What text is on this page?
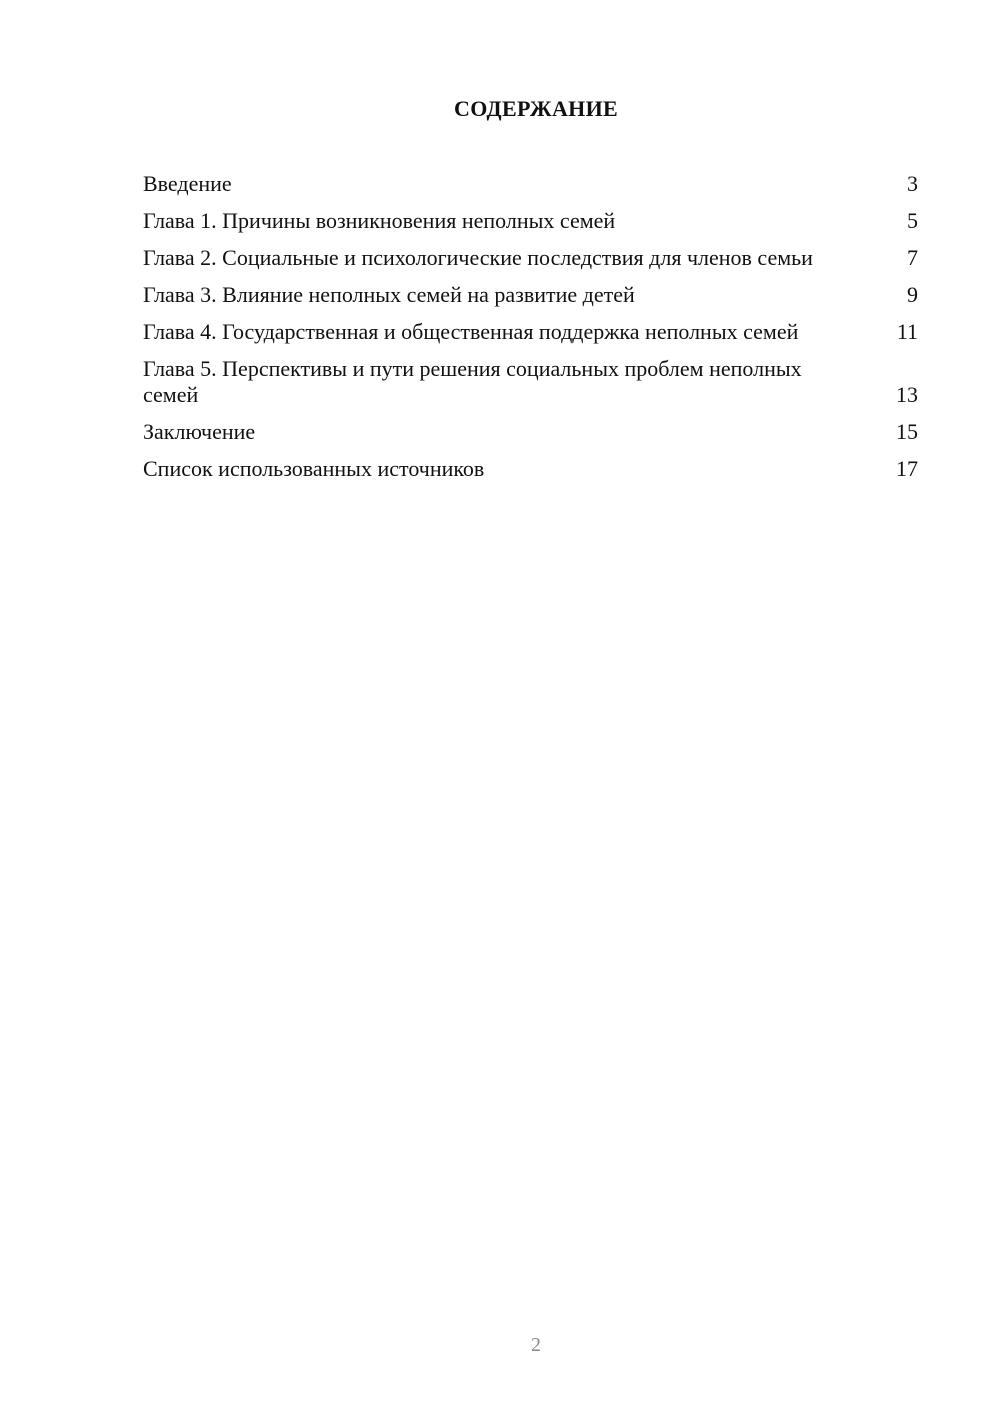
СОДЕРЖАНИЕ
Введение	3
Глава 1. Причины возникновения неполных семей	5
Глава 2. Социальные и психологические последствия для членов семьи	7
Глава 3. Влияние неполных семей на развитие детей	9
Глава 4. Государственная и общественная поддержка неполных семей	11
Глава 5. Перспективы и пути решения социальных проблем неполных семей	13
Заключение	15
Список использованных источников	17
2
